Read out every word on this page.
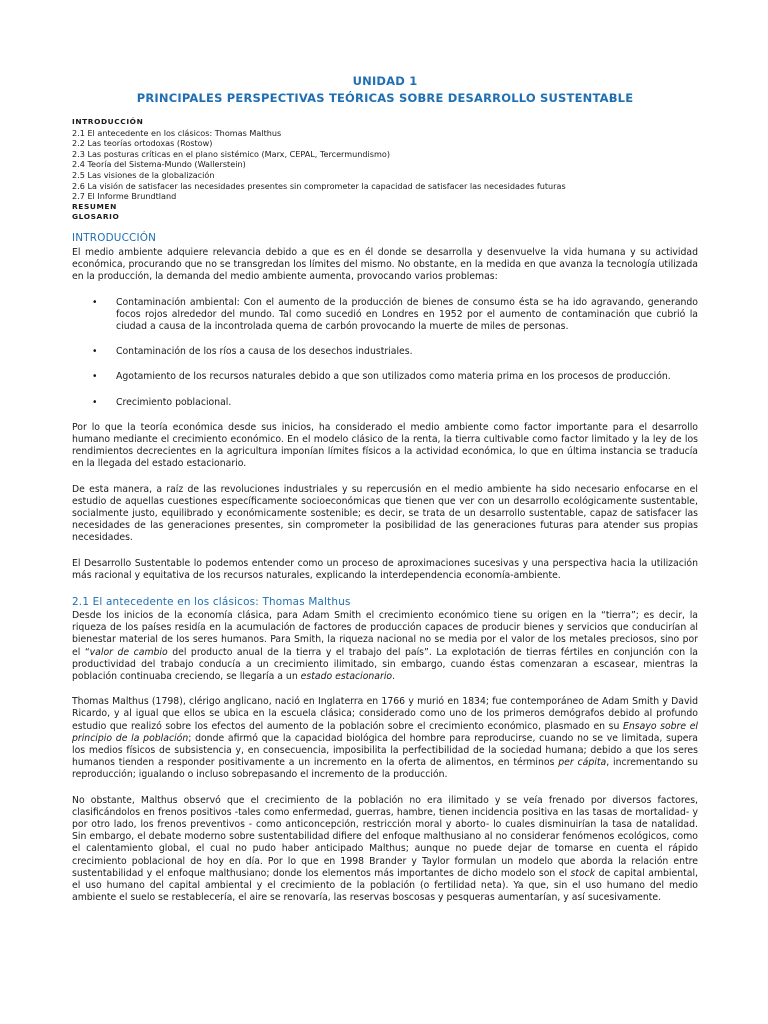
UNIDAD 1
PRINCIPALES PERSPECTIVAS TEÓRICAS SOBRE DESARROLLO SUSTENTABLE
INTRODUCCIÓN
2.1 El antecedente en los clásicos: Thomas Malthus
2.2 Las teorías ortodoxas (Rostow)
2.3 Las posturas críticas en el plano sistémico (Marx, CEPAL, Tercermundismo)
2.4 Teoría del Sistema-Mundo (Wallerstein)
2.5 Las visiones de la globalización
2.6 La visión de satisfacer las necesidades presentes sin comprometer la capacidad de satisfacer las necesidades futuras
2.7 El Informe Brundtland
RESUMEN
GLOSARIO
INTRODUCCIÓN

El medio ambiente adquiere relevancia debido a que es en él donde se desarrolla y desenvuelve la vida humana y su actividad económica, procurando que no se transgredan los límites del mismo. No obstante, en la medida en que avanza la tecnología utilizada en la producción, la demanda del medio ambiente aumenta, provocando varios problemas:

• Contaminación ambiental: Con el aumento de la producción de bienes de consumo ésta se ha ido agravando, generando focos rojos alrededor del mundo. Tal como sucedió en Londres en 1952 por el aumento de contaminación que cubrió la ciudad a causa de la incontrolada quema de carbón provocando la muerte de miles de personas.
• Contaminación de los ríos a causa de los desechos industriales.
• Agotamiento de los recursos naturales debido a que son utilizados como materia prima en los procesos de producción.
• Crecimiento poblacional.

Por lo que la teoría económica desde sus inicios, ha considerado el medio ambiente como factor importante para el desarrollo humano mediante el crecimiento económico. En el modelo clásico de la renta, la tierra cultivable como factor limitado y la ley de los rendimientos decrecientes en la agricultura imponían límites físicos a la actividad económica, lo que en última instancia se traducía en la llegada del estado estacionario.

De esta manera, a raíz de las revoluciones industriales y su repercusión en el medio ambiente ha sido necesario enfocarse en el estudio de aquellas cuestiones específicamente socioeconómicas que tienen que ver con un desarrollo ecológicamente sustentable, socialmente justo, equilibrado y económicamente sostenible; es decir, se trata de un desarrollo sustentable, capaz de satisfacer las necesidades de las generaciones presentes, sin comprometer la posibilidad de las generaciones futuras para atender sus propias necesidades.

El Desarrollo Sustentable lo podemos entender como un proceso de aproximaciones sucesivas y una perspectiva hacia la utilización más racional y equitativa de los recursos naturales, explicando la interdependencia economía-ambiente.

2.1 El antecedente en los clásicos: Thomas Malthus

Desde los inicios de la economía clásica, para Adam Smith el crecimiento económico tiene su origen en la “tierra”; es decir, la riqueza de los países residía en la acumulación de factores de producción capaces de producir bienes y servicios que conducirían al bienestar material de los seres humanos. Para Smith, la riqueza nacional no se media por el valor de los metales preciosos, sino por el “valor de cambio del producto anual de la tierra y el trabajo del país”. La explotación de tierras fértiles en conjunción con la productividad del trabajo conducía a un crecimiento ilimitado, sin embargo, cuando éstas comenzaran a escasear, mientras la población continuaba creciendo, se llegaría a un estado estacionario.

Thomas Malthus (1798), clérigo anglicano, nació en Inglaterra en 1766 y murió en 1834; fue contemporáneo de Adam Smith y David Ricardo, y al igual que ellos se ubica en la escuela clásica; considerado como uno de los primeros demógrafos debido al profundo estudio que realizó sobre los efectos del aumento de la población sobre el crecimiento económico, plasmado en su Ensayo sobre el principio de la población; donde afirmó que la capacidad biológica del hombre para reproducirse, cuando no se ve limitada, supera los medios físicos de subsistencia y, en consecuencia, imposibilita la perfectibilidad de la sociedad humana; debido a que los seres humanos tienden a responder positivamente a un incremento en la oferta de alimentos, en términos per cápita, incrementando su reproducción; igualando o incluso sobrepasando el incremento de la producción.

No obstante, Malthus observó que el crecimiento de la población no era ilimitado y se veía frenado por diversos factores, clasificándolos en frenos positivos -tales como enfermedad, guerras, hambre, tienen incidencia positiva en las tasas de mortalidad- y por otro lado, los frenos preventivos - como anticoncepción, restricción moral y aborto- lo cuales disminuirían la tasa de natalidad. Sin embargo, el debate moderno sobre sustentabilidad difiere del enfoque malthusiano al no considerar fenómenos ecológicos, como el calentamiento global, el cual no pudo haber anticipado Malthus; aunque no puede dejar de tomarse en cuenta el rápido crecimiento poblacional de hoy en día. Por lo que en 1998 Brander y Taylor formulan un modelo que aborda la relación entre sustentabilidad y el enfoque malthusiano; donde los elementos más importantes de dicho modelo son el stock de capital ambiental, el uso humano del capital ambiental y el crecimiento de la población (o fertilidad neta). Ya que, sin el uso humano del medio ambiente el suelo se restablecería, el aire se renovaría, las reservas boscosas y pesqueras aumentarían, y así sucesivamente.
